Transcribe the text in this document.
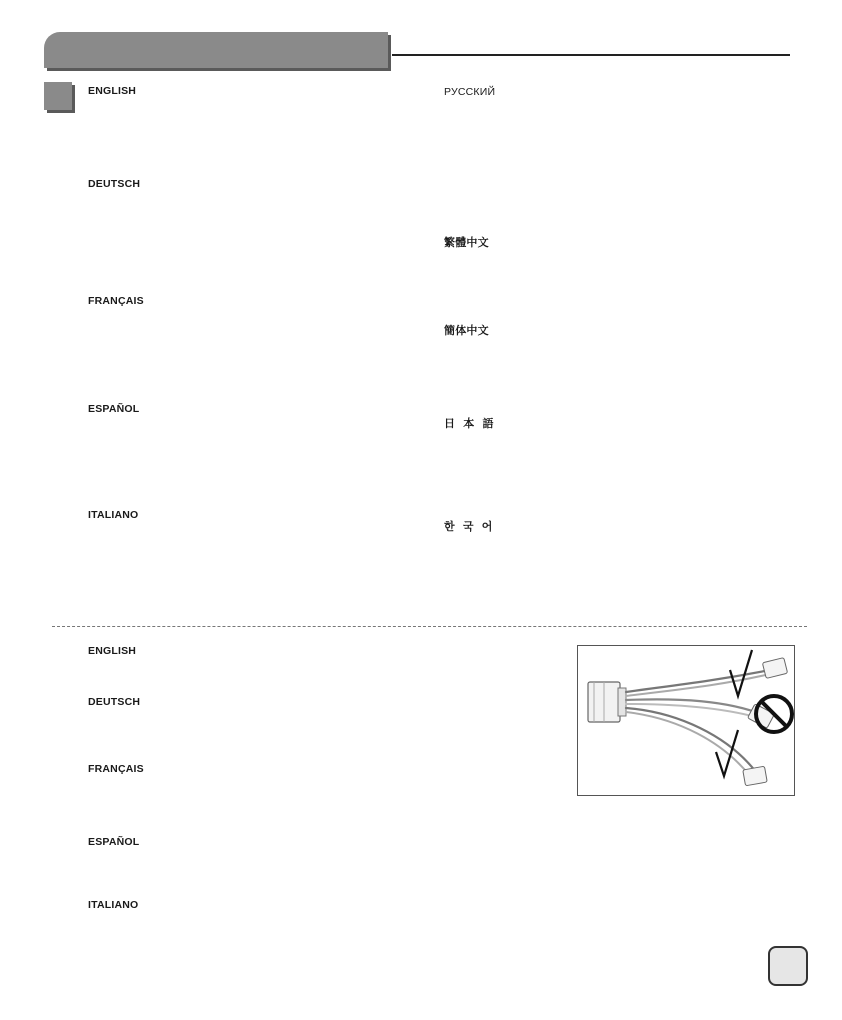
ENGLISH
DEUTSCH
FRANÇAIS
ESPAÑOL
ITALIANO
РУССКИЙ
繁體中文
簡体中文
日 本 語
한 국 어
ENGLISH
DEUTSCH
FRANÇAIS
ESPAÑOL
ITALIANO
